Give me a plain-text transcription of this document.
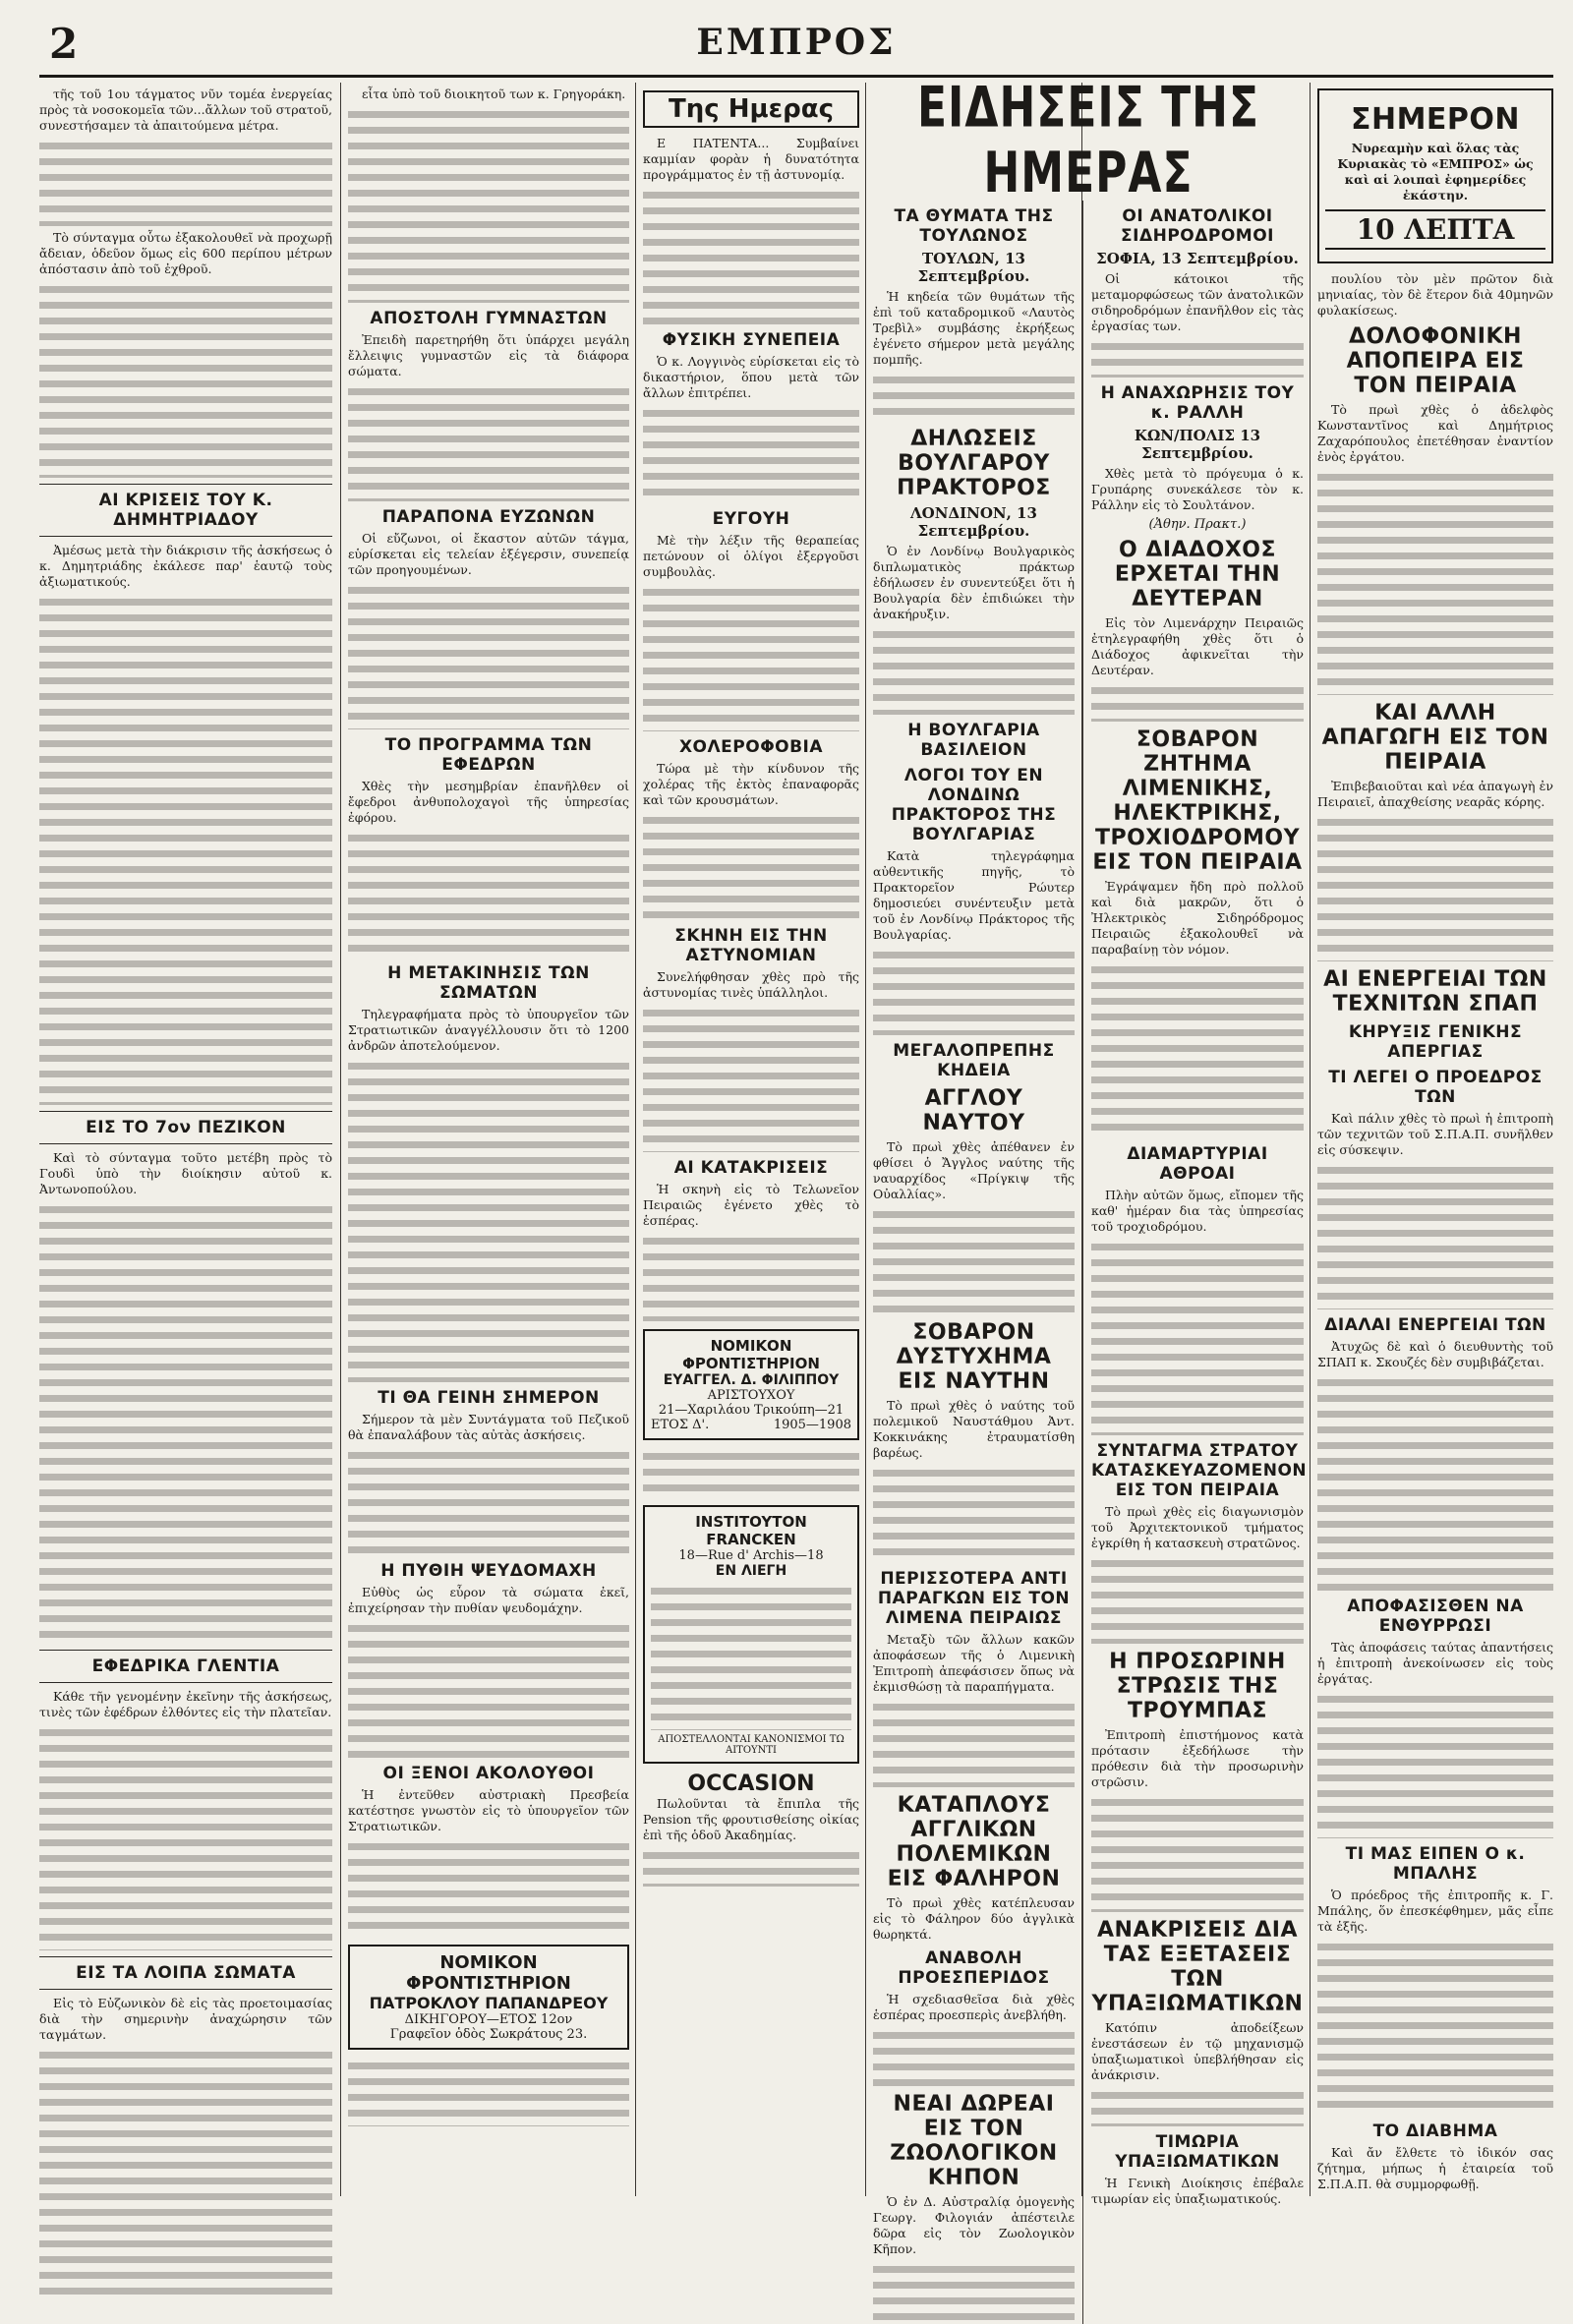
2	ΕΜΠΡΟΣ

τῆς τοῦ 1ου τάγματος νῦν τομέα ἐνεργείας πρὸς τὰ νοσοκομεῖα τῶν...ἄλλων τοῦ στρατοῦ, συνεστήσαμεν τὰ ἀπαιτούμενα μέτρα.

Τὸ σύνταγμα οὗτω ἐξακολουθεῖ νὰ προχωρῇ ἄδειαν, ὁδεῦον ὅμως εἰς 600 περίπου μέτρων ἀπόστασιν ἀπὸ τοῦ ἐχθροῦ.

ΑΙ ΚΡΙΣΕΙΣ ΤΟΥ Κ. ΔΗΜΗΤΡΙΑΔΟΥ

Ἀμέσως μετὰ τὴν διάκρισιν τῆς ἀσκήσεως ὁ κ. Δημητριάδης ἐκάλεσε παρ' ἑαυτῷ τοὺς ἀξιωματικούς.

ΕΙΣ ΤΟ 7ον ΠΕΖΙΚΟΝ

Καὶ τὸ σύνταγμα τοῦτο μετέβη πρὸς τὸ Γουδὶ ὑπὸ τὴν διοίκησιν αὐτοῦ κ. Ἀντωνοπούλου.

ΕΦΕΔΡΙΚΑ ΓΛΕΝΤΙΑ

Κάθε τῆν γενομένην ἐκεῖνην τῆς ἀσκήσεως, τινὲς τῶν ἐφέδρων ἐλθόντες εἰς τὴν πλατεῖαν.

ΕΙΣ ΤΑ ΛΟΙΠΑ ΣΩΜΑΤΑ

Εἰς τὸ Εὐζωνικὸν δὲ εἰς τὰς προετοιμασίας διὰ τὴν σημερινὴν ἀναχώρησιν τῶν ταγμάτων.

εἶτα ὑπὸ τοῦ διοικητοῦ των κ. Γρηγοράκη.

ΑΠΟΣΤΟΛΗ ΓΥΜΝΑΣΤΩΝ

Ἐπειδὴ παρετηρήθη ὅτι ὑπάρχει μεγάλη ἔλλειψις γυμναστῶν εἰς τὰ διάφορα σώματα.

ΠΑΡΑΠΟΝΑ ΕΥΖΩΝΩΝ

Οἱ εὔζωνοι, οἱ ἔκαστον αὐτῶν τάγμα, εὑρίσκεται εἰς τελείαν ἐξέγερσιν, συνεπείᾳ τῶν προηγουμένων.

ΤΟ ΠΡΟΓΡΑΜΜΑ ΤΩΝ ΕΦΕΔΡΩΝ

Χθὲς τὴν μεσημβρίαν ἐπανῆλθεν οἱ ἔφεδροι ἀνθυπολοχαγοὶ τῆς ὑπηρεσίας ἐφόρου.

Η ΜΕΤΑΚΙΝΗΣΙΣ ΤΩΝ ΣΩΜΑΤΩΝ

Τηλεγραφήματα πρὸς τὸ ὑπουργεῖον τῶν Στρατιωτικῶν ἀναγγέλλουσιν ὅτι τὸ 1200 ἀνδρῶν ἀποτελούμενον.

ΤΙ ΘΑ ΓΕΙΝΗ ΣΗΜΕΡΟΝ

Σήμερον τὰ μὲν Συντάγματα τοῦ Πεζικοῦ θὰ ἐπαναλάβουν τὰς αὐτὰς ἀσκήσεις.

Η ΠΥΘΙΗ ΨΕΥΔΟΜΑΧΗ

Εὐθὺς ὡς εὗρον τὰ σώματα ἐκεῖ, ἐπιχείρησαν τὴν πυθίαν ψευδομάχην.

ΟΙ ΞΕΝΟΙ ΑΚΟΛΟΥΘΟΙ

Ἡ ἐντεῦθεν αὐστριακὴ Πρεσβεία κατέστησε γνωστὸν εἰς τὸ ὑπουργεῖον τῶν Στρατιωτικῶν.

ΝΟΜΙΚΟΝ ΦΡΟΝΤΙΣΤΗΡΙΟΝ
ΠΑΤΡΟΚΛΟΥ ΠΑΠΑΝΔΡΕΟΥ
ΔΙΚΗΓΟΡΟΥ—ΕΤΟΣ 12ον
Γραφεῖον ὁδὸς Σωκράτους 23.
Της Ημερας

Ε ΠΑΤΕΝΤΑ... Συμβαίνει καμμίαν φορὰν ἡ δυνατότητα προγράμματος ἐν τῇ ἀστυνομίᾳ.

ΦΥΣΙΚΗ ΣΥΝΕΠΕΙΑ

Ὁ κ. Λογγινὸς εὑρίσκεται εἰς τὸ δικαστήριον, ὅπου μετὰ τῶν ἄλλων ἐπιτρέπει.

ΕΥΓΟΥΗ

Μὲ τὴν λέξιν τῆς θεραπείας πετώνουν οἱ ὁλίγοι ἐξεργοῦσι συμβουλὰς.

ΧΟΛΕΡΟΦΟΒΙΑ

Τώρα μὲ τὴν κίνδυνον τῆς χολέρας τῆς ἐκτὸς ἐπαναφορᾶς καὶ τῶν κρουσμάτων.

ΣΚΗΝΗ ΕΙΣ ΤΗΝ ΑΣΤΥΝΟΜΙΑΝ

Συνελήφθησαν χθὲς πρὸ τῆς ἀστυνομίας τινὲς ὑπάλληλοι.

ΑΙ ΚΑΤΑΚΡΙΣΕΙΣ

Ἡ σκηνὴ εἰς τὸ Τελωνεῖον Πειραιῶς ἐγένετο χθὲς τὸ ἑσπέρας.

ΝΟΜΙΚΟΝ ΦΡΟΝΤΙΣΤΗΡΙΟΝ
ΕΥΑΓΓΕΛ. Δ. ΦΙΛΙΠΠΟΥ
ΑΡΙΣΤΟΥΧΟΥ
21—Χαριλάου Τρικούπη—21
ΕΤΟΣ Δ'.	1905—1908
INSTITOYTON FRANCKEN
18—Rue d' Archis—18
ΕΝ ΛΙΕΓΗ
ΑΠΟΣΤΕΛΛΟΝΤΑΙ ΚΑΝΟΝΙΣΜΟΙ ΤΩ ΑΙΤΟΥΝΤΙ
OCCASION

Πωλοῦνται τὰ ἔπιπλα τῆς Pension τῆς φρουτισθείσης οἰκίας ἐπὶ τῆς ὁδοῦ Ἀκαδημίας.

ΕΙΔΗΣΕΙΣ ΤΗΣ ΗΜΕΡΑΣ
ΤΑ ΘΥΜΑΤΑ ΤΗΣ ΤΟΥΛΩΝΟΣ
ΤΟΥΛΩΝ, 13 Σεπτεμβρίου.

Ἡ κηδεία τῶν θυμάτων τῆς ἐπὶ τοῦ καταδρομικοῦ «Λαυτὸς Τρεβὶλ» συμβάσης ἐκρήξεως ἐγένετο σήμερον μετὰ μεγάλης πομπῆς.

ΔΗΛΩΣΕΙΣ ΒΟΥΛΓΑΡΟΥ ΠΡΑΚΤΟΡΟΣ
ΛΟΝΔΙΝΟΝ, 13 Σεπτεμβρίου.

Ὁ ἐν Λονδίνῳ Βουλγαρικὸς διπλωματικὸς πράκτωρ ἐδήλωσεν ἐν συνεντεύξει ὅτι ἡ Βουλγαρία δὲν ἐπιδιώκει τὴν ἀνακήρυξιν.

Η ΒΟΥΛΓΑΡΙΑ ΒΑΣΙΛΕΙΟΝ
ΛΟΓΟΙ ΤΟΥ ΕΝ ΛΟΝΔΙΝΩ ΠΡΑΚΤΟΡΟΣ ΤΗΣ ΒΟΥΛΓΑΡΙΑΣ

Κατὰ τηλεγράφημα αὐθεντικῆς πηγῆς, τὸ Πρακτορεῖον Ρώυτερ δημοσιεύει συνέντευξιν μετὰ τοῦ ἐν Λονδίνῳ Πράκτορος τῆς Βουλγαρίας.

ΜΕΓΑΛΟΠΡΕΠΗΣ ΚΗΔΕΙΑ
ΑΓΓΛΟΥ ΝΑΥΤΟΥ

Τὸ πρωὶ χθὲς ἀπέθανεν ἐν φθίσει ὁ Ἄγγλος ναύτης τῆς ναυαρχίδος «Πρίγκιψ τῆς Οὐαλλίας».

ΣΟΒΑΡΟΝ ΔΥΣΤΥΧΗΜΑ ΕΙΣ ΝΑΥΤΗΝ

Τὸ πρωὶ χθὲς ὁ ναύτης τοῦ πολεμικοῦ Ναυστάθμου Ἀντ. Κοκκινάκης ἐτραυματίσθη βαρέως.

ΠΕΡΙΣΣΟΤΕΡΑ ΑΝΤΙ ΠΑΡΑΓΚΩΝ ΕΙΣ ΤΟΝ ΛΙΜΕΝΑ ΠΕΙΡΑΙΩΣ

Μεταξὺ τῶν ἄλλων κακῶν ἀποφάσεων τῆς ὁ Λιμενικὴ Ἐπιτροπὴ ἀπεφάσισεν ὅπως νὰ ἐκμισθώσῃ τὰ παραπήγματα.

ΚΑΤΑΠΛΟΥΣ ΑΓΓΛΙΚΩΝ ΠΟΛΕΜΙΚΩΝ ΕΙΣ ΦΑΛΗΡΟΝ

Τὸ πρωὶ χθὲς κατέπλευσαν εἰς τὸ Φάληρον δύο ἀγγλικὰ θωρηκτά.

ΑΝΑΒΟΛΗ ΠΡΟΕΣΠΕΡΙΔΟΣ

Ἡ σχεδιασθεῖσα διὰ χθὲς ἑσπέρας προεσπερὶς ἀνεβλήθη.

ΝΕΑΙ ΔΩΡΕΑΙ ΕΙΣ ΤΟΝ ΖΩΟΛΟΓΙΚΟΝ ΚΗΠΟΝ

Ὁ ἐν Δ. Αὐστραλίᾳ ὁμογενὴς Γεωργ. Φιλογιάν ἀπέστειλε δῶρα εἰς τὸν Ζωολογικὸν Κῆπον.

ΟΙ ΑΝΑΤΟΛΙΚΟΙ ΣΙΔΗΡΟΔΡΟΜΟΙ
ΣΟΦΙΑ, 13 Σεπτεμβρίου.

Οἱ κάτοικοι τῆς μεταμορφώσεως τῶν ἀνατολικῶν σιδηροδρόμων ἐπανῆλθον εἰς τὰς ἐργασίας των.

Η ΑΝΑΧΩΡΗΣΙΣ ΤΟΥ κ. ΡΑΛΛΗ
ΚΩΝ/ΠΟΛΙΣ 13 Σεπτεμβρίου.

Χθὲς μετὰ τὸ πρόγευμα ὁ κ. Γρυπάρης συνεκάλεσε τὸν κ. Ράλλην εἰς τὸ Σουλτάνον.

(Ἀθην. Πρακτ.)
Ο ΔΙΑΔΟΧΟΣ ΕΡΧΕΤΑΙ ΤΗΝ ΔΕΥΤΕΡΑΝ

Εἰς τὸν Λιμενάρχην Πειραιῶς ἐτηλεγραφήθη χθὲς ὅτι ὁ Διάδοχος ἀφικνεῖται τὴν Δευτέραν.

ΣΟΒΑΡΟΝ ΖΗΤΗΜΑ ΛΙΜΕΝΙΚΗΣ, ΗΛΕΚΤΡΙΚΗΣ, ΤΡΟΧΙΟΔΡΟΜΟΥ ΕΙΣ ΤΟΝ ΠΕΙΡΑΙΑ

Ἐγράψαμεν ἤδη πρὸ πολλοῦ καὶ διὰ μακρῶν, ὅτι ὁ Ἠλεκτρικὸς Σιδηρόδρομος Πειραιῶς ἐξακολουθεῖ νὰ παραβαίνῃ τὸν νόμον.

ΔΙΑΜΑΡΤΥΡΙΑΙ ΑΘΡΟΑΙ

Πλὴν αὐτῶν ὅμως, εἴπομεν τῆς καθ' ἡμέραν δια τὰς ὑπηρεσίας τοῦ τροχιοδρόμου.

ΣΥΝΤΑΓΜΑ ΣΤΡΑΤΟΥ ΚΑΤΑΣΚΕΥΑΖΟΜΕΝΟΝ ΕΙΣ ΤΟΝ ΠΕΙΡΑΙΑ

Τὸ πρωὶ χθὲς εἰς διαγωνισμὸν τοῦ Ἀρχιτεκτονικοῦ τμήματος ἐγκρίθη ἡ κατασκευὴ στρατῶνος.

Η ΠΡΟΣΩΡΙΝΗ ΣΤΡΩΣΙΣ ΤΗΣ ΤΡΟΥΜΠΑΣ

Ἐπιτροπὴ ἐπιστήμονος κατὰ πρότασιν ἐξεδήλωσε τὴν πρόθεσιν διὰ τὴν προσωρινὴν στρῶσιν.

ΑΝΑΚΡΙΣΕΙΣ ΔΙΑ ΤΑΣ ΕΞΕΤΑΣΕΙΣ ΤΩΝ ΥΠΑΞΙΩΜΑΤΙΚΩΝ

Κατόπιν ἀποδείξεων ἐνεστάσεων ἐν τῷ μηχανισμῷ ὑπαξιωματικοὶ ὑπεβλήθησαν εἰς ἀνάκρισιν.

ΤΙΜΩΡΙΑ ΥΠΑΞΙΩΜΑΤΙΚΩΝ

Ἡ Γενικὴ Διοίκησις ἐπέβαλε τιμωρίαν εἰς ὑπαξιωματικούς.

ΣΗΜΕΡΟΝ

Νυρεαμὴν καὶ ὅλας τὰς Κυριακὰς τὸ «ΕΜΠΡΟΣ» ὡς καὶ αἱ λοιπαὶ ἐφημερίδες ἐκάστην.

10 ΛΕΠΤΑ

πουλίου τὸν μὲν πρῶτον διὰ μηνιαίας, τὸν δὲ ἕτερον διὰ 40μηνῶν φυλακίσεως.

ΔΟΛΟΦΟΝΙΚΗ ΑΠΟΠΕΙΡΑ ΕΙΣ ΤΟΝ ΠΕΙΡΑΙΑ

Τὸ πρωὶ χθὲς ὁ ἀδελφὸς Κωνσταντῖνος καὶ Δημήτριος Ζαχαρόπουλος ἐπετέθησαν ἐναντίον ἑνὸς ἐργάτου.

ΚΑΙ ΑΛΛΗ ΑΠΑΓΩΓΗ ΕΙΣ ΤΟΝ ΠΕΙΡΑΙΑ

Ἐπιβεβαιοῦται καὶ νέα ἀπαγωγὴ ἐν Πειραιεῖ, ἀπαχθείσης νεαρᾶς κόρης.

ΑΙ ΕΝΕΡΓΕΙΑΙ ΤΩΝ ΤΕΧΝΙΤΩΝ ΣΠΑΠ
ΚΗΡΥΞΙΣ ΓΕΝΙΚΗΣ ΑΠΕΡΓΙΑΣ
ΤΙ ΛΕΓΕΙ Ο ΠΡΟΕΔΡΟΣ ΤΩΝ

Καὶ πάλιν χθὲς τὸ πρωὶ ἡ ἐπιτροπὴ τῶν τεχνιτῶν τοῦ Σ.Π.Α.Π. συνῆλθεν εἰς σύσκεψιν.

ΔΙΑΛΑΙ ΕΝΕΡΓΕΙΑΙ ΤΩΝ

Ἀτυχῶς δὲ καὶ ὁ διευθυντὴς τοῦ ΣΠΑΠ κ. Σκουζές δὲν συμβιβάζεται.

ΑΠΟΦΑΣΙΣΘΕΝ ΝΑ ΕΝΘΥΡΡΩΣΙ

Τὰς ἀποφάσεις ταύτας ἀπαντήσεις ἡ ἐπιτροπὴ ἀνεκοίνωσεν εἰς τοὺς ἐργάτας.

ΤΙ ΜΑΣ ΕΙΠΕΝ Ο κ. ΜΠΑΛΗΣ

Ὁ πρόεδρος τῆς ἐπιτροπῆς κ. Γ. Μπάλης, ὅν ἐπεσκέφθημεν, μᾶς εἶπε τὰ ἑξῆς.

ΤΟ ΔΙΑΒΗΜΑ

Καὶ ἄν ἔλθετε τὸ ἰδικόν σας ζήτημα, μήπως ἡ ἐταιρεία τοῦ Σ.Π.Α.Π. θὰ συμμορφωθῇ.
